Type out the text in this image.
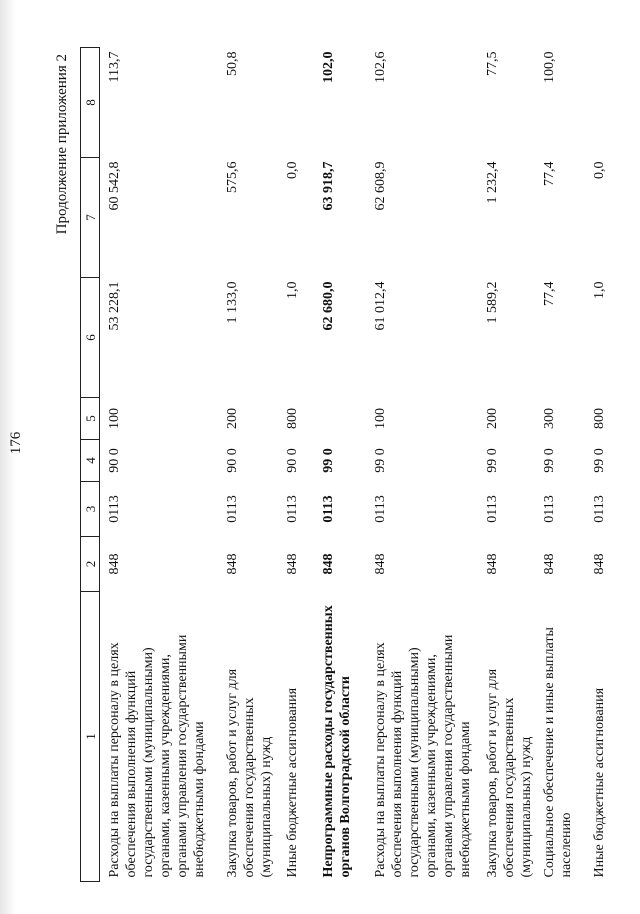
176
Продолжение приложения 2
1	2	3	4	5	6	7	8
Расходы на выплаты персоналу в целях обеспечения выполнения функций государственными (муниципальными) органами, казенными учреждениями, органами управления государственными внебюджетными фондами	848	0113	90 0	100	53 228,1	60 542,8	113,7
Закупка товаров, работ и услуг для обеспечения государственных (муниципальных) нужд	848	0113	90 0	200	1 133,0	575,6	50,8
Иные бюджетные ассигнования	848	0113	90 0	800	1,0	0,0	
Непрограммные расходы государственных органов Волгоградской области	848	0113	99 0		62 680,0	63 918,7	102,0
Расходы на выплаты персоналу в целях обеспечения выполнения функций государственными (муниципальными) органами, казенными учреждениями, органами управления государственными внебюджетными фондами	848	0113	99 0	100	61 012,4	62 608,9	102,6
Закупка товаров, работ и услуг для обеспечения государственных (муниципальных) нужд	848	0113	99 0	200	1 589,2	1 232,4	77,5
Социальное обеспечение и иные выплаты населению	848	0113	99 0	300	77,4	77,4	100,0
Иные бюджетные ассигнования	848	0113	99 0	800	1,0	0,0	
